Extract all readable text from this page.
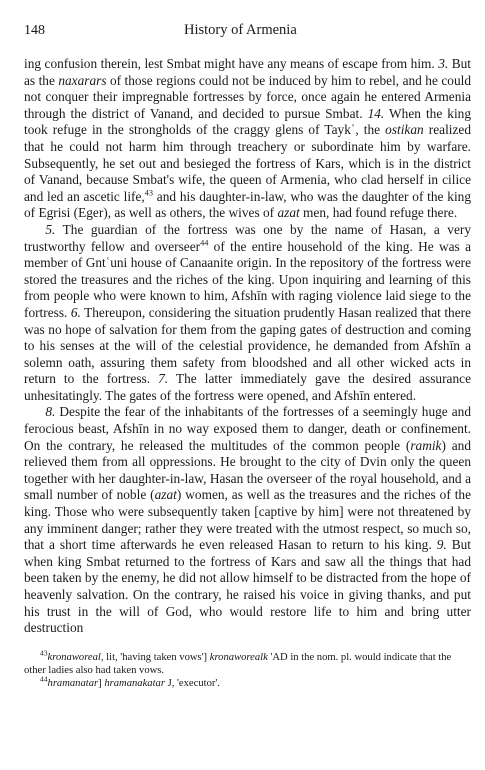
148	History of Armenia

ing confusion therein, lest Smbat might have any means of escape from him. 3. But as the naxarars of those regions could not be induced by him to rebel, and he could not conquer their impregnable fortresses by force, once again he entered Armenia through the district of Vanand, and decided to pursue Smbat. 14. When the king took refuge in the strongholds of the craggy glens of Taykʿ, the ostikan realized that he could not harm him through treachery or subordinate him by warfare. Subsequently, he set out and besieged the fortress of Kars, which is in the district of Vanand, because Smbat's wife, the queen of Armenia, who clad herself in cilice and led an ascetic life,$^{43}$ and his daughter-in-law, who was the daughter of the king of Egrisi (Eger), as well as others, the wives of azat men, had found refuge there.

5. The guardian of the fortress was one by the name of Hasan, a very trustworthy fellow and overseer$^{44}$ of the entire household of the king. He was a member of Gntʿuni house of Canaanite origin. In the repository of the fortress were stored the treasures and the riches of the king. Upon inquiring and learning of this from people who were known to him, Afshīn with raging violence laid siege to the fortress. 6. Thereupon, considering the situation prudently Hasan realized that there was no hope of salvation for them from the gaping gates of destruction and coming to his senses at the will of the celestial providence, he demanded from Afshīn a solemn oath, assuring them safety from bloodshed and all other wicked acts in return to the fortress. 7. The latter immediately gave the desired assurance unhesitatingly. The gates of the fortress were opened, and Afshīn entered.

8. Despite the fear of the inhabitants of the fortresses of a seemingly huge and ferocious beast, Afshīn in no way exposed them to danger, death or confinement. On the contrary, he released the multitudes of the common people (ramik) and relieved them from all oppressions. He brought to the city of Dvin only the queen together with her daughter-in-law, Hasan the overseer of the royal household, and a small number of noble (azat) women, as well as the treasures and the riches of the king. Those who were subsequently taken [captive by him] were not threatened by any imminent danger; rather they were treated with the utmost respect, so much so, that a short time afterwards he even released Hasan to return to his king. 9. But when king Smbat returned to the fortress of Kars and saw all the things that had been taken by the enemy, he did not allow himself to be distracted from the hope of heavenly salvation. On the contrary, he raised his voice in giving thanks, and put his trust in the will of God, who would restore life to him and bring utter destruction

$^{43}$kronaworeal, lit, 'having taken vows'] kronaworealk 'AD in the nom. pl. would indicate that the other ladies also had taken vows.

$^{44}$hramanatar] hramanakatar J, 'executor'.
